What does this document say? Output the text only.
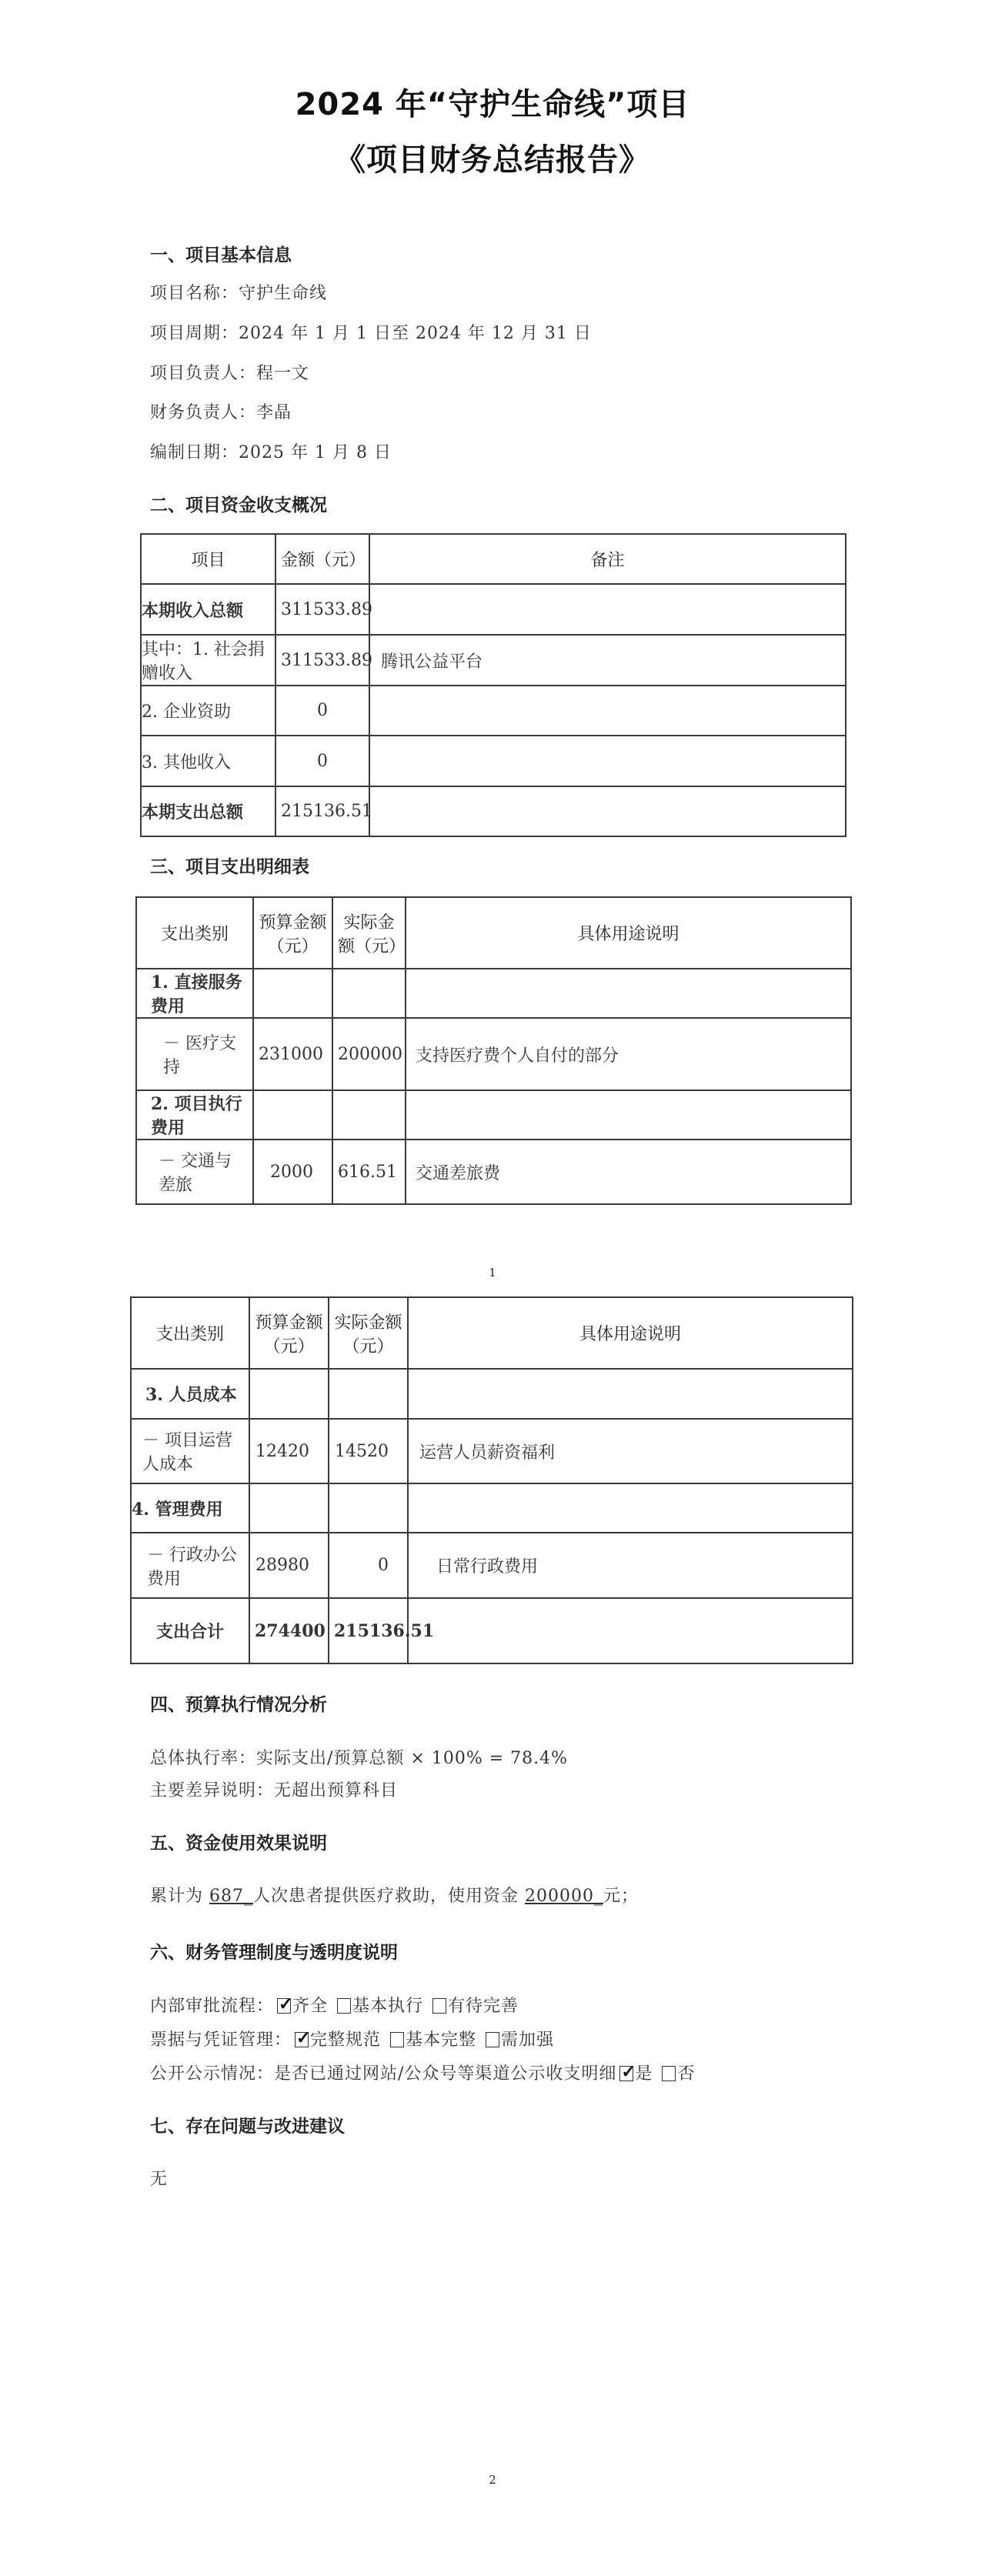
2024 年“守护生命线”项目
《项目财务总结报告》
一、项目基本信息
项目名称：守护生命线
项目周期：2024 年 1 月 1 日至 2024 年 12 月 31 日
项目负责人：程一文
财务负责人：李晶
编制日期：2025 年 1 月 8 日
二、项目资金收支概况
项目	金额（元）	备注
本期收入总额	311533.89	
其中：1. 社会捐赠收入	311533.89	腾讯公益平台
2. 企业资助	0	
3. 其他收入	0	
本期支出总额	215136.51	
三、项目支出明细表
支出类别	预算金额（元）	实际金额（元）	具体用途说明
1. 直接服务费用			
－ 医疗支持	231000	200000	支持医疗费个人自付的部分
2. 项目执行费用			
－ 交通与差旅	2000	616.51	交通差旅费
1
支出类别	预算金额（元）	实际金额（元）	具体用途说明
3. 人员成本			
－ 项目运营人成本	12420	14520	运营人员薪资福利
4. 管理费用			
－ 行政办公费用	28980	0	日常行政费用
支出合计	274400	215136.51	
四、预算执行情况分析
总体执行率：实际支出/预算总额 × 100% = 78.4%
主要差异说明：无超出预算科目
五、资金使用效果说明
累计为 687_人次患者提供医疗救助，使用资金 200000_元；
六、财务管理制度与透明度说明
内部审批流程： ✓ 齐全 基本执行 有待完善
票据与凭证管理： ✓ 完整规范 基本完整 需加强
公开公示情况：是否已通过网站/公众号等渠道公示收支明细 ✓ 是 否
七、存在问题与改进建议
无
2
